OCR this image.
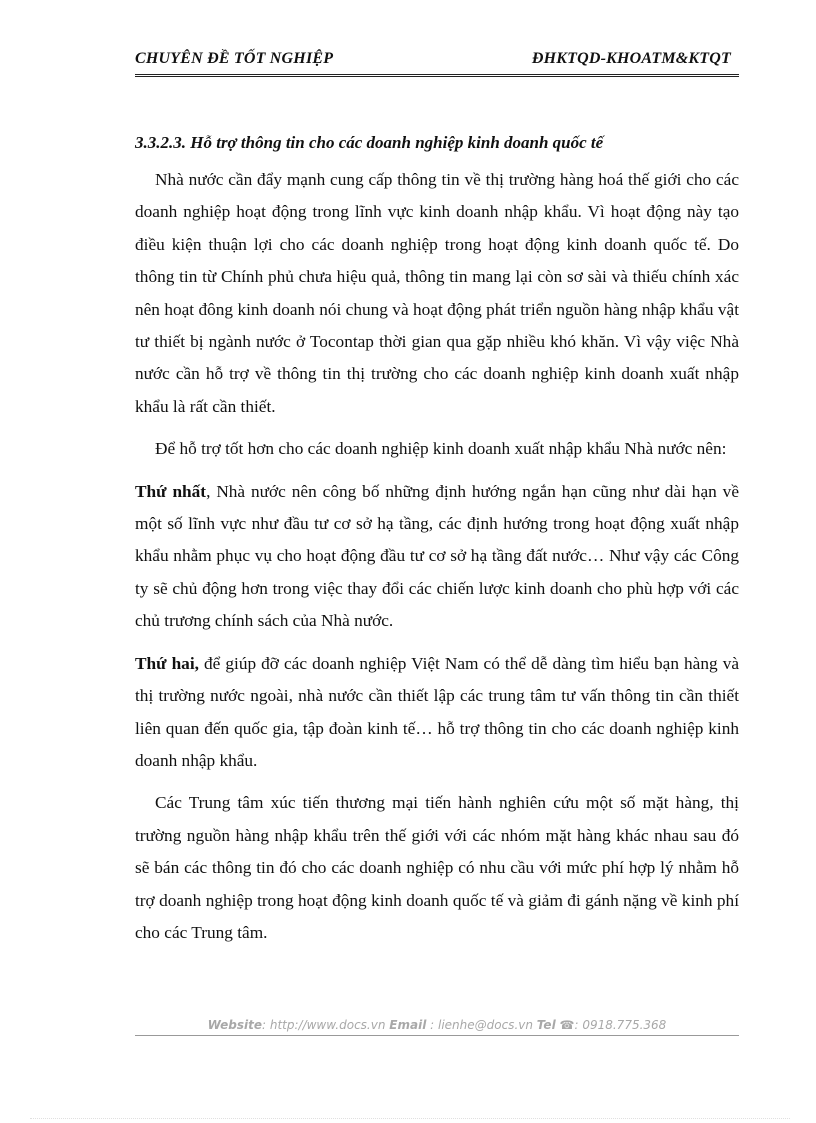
CHUYÊN ĐỀ TỐT NGHIỆP	ĐHKTQD-KHOATM&KTQT

3.3.2.3. Hỗ trợ thông tin cho các doanh nghiệp kinh doanh quốc tế

Nhà nước cần đẩy mạnh cung cấp thông tin về thị trường hàng hoá thế giới cho các doanh nghiệp hoạt động trong lĩnh vực kinh doanh nhập khẩu. Vì hoạt động này tạo điều kiện thuận lợi cho các doanh nghiệp trong hoạt động kinh doanh quốc tế. Do thông tin từ Chính phủ chưa hiệu quả, thông tin mang lại còn sơ sài và thiếu chính xác nên hoạt đông kinh doanh nói chung và hoạt động phát triển nguồn hàng nhập khẩu vật tư thiết bị ngành nước ở Tocontap thời gian qua gặp nhiều khó khăn. Vì vậy việc Nhà nước cần hỗ trợ về thông tin thị trường cho các doanh nghiệp kinh doanh xuất nhập khẩu là rất cần thiết.

Để hỗ trợ tốt hơn cho các doanh nghiệp kinh doanh xuất nhập khẩu Nhà nước nên:

Thứ nhất, Nhà nước nên công bố những định hướng ngắn hạn cũng như dài hạn về một số lĩnh vực như đầu tư cơ sở hạ tầng, các định hướng trong hoạt động xuất nhập khẩu nhằm phục vụ cho hoạt động đầu tư cơ sở hạ tầng đất nước… Như vậy các Công ty sẽ chủ động hơn trong việc thay đổi các chiến lược kinh doanh cho phù hợp với các chủ trương chính sách của Nhà nước.

Thứ hai, để giúp đỡ các doanh nghiệp Việt Nam có thể dễ dàng tìm hiểu bạn hàng và thị trường nước ngoài, nhà nước cần thiết lập các trung tâm tư vấn thông tin cần thiết liên quan đến quốc gia, tập đoàn kinh tế… hỗ trợ thông tin cho các doanh nghiệp kinh doanh nhập khẩu.

Các Trung tâm xúc tiến thương mại tiến hành nghiên cứu một số mặt hàng, thị trường nguồn hàng nhập khẩu trên thế giới với các nhóm mặt hàng khác nhau sau đó sẽ bán các thông tin đó cho các doanh nghiệp có nhu cầu với mức phí hợp lý nhằm hỗ trợ doanh nghiệp trong hoạt động kinh doanh quốc tế và giảm đi gánh nặng về kinh phí cho các Trung tâm.

Website: http://www.docs.vn Email : lienhe@docs.vn Tel ☎: 0918.775.368
